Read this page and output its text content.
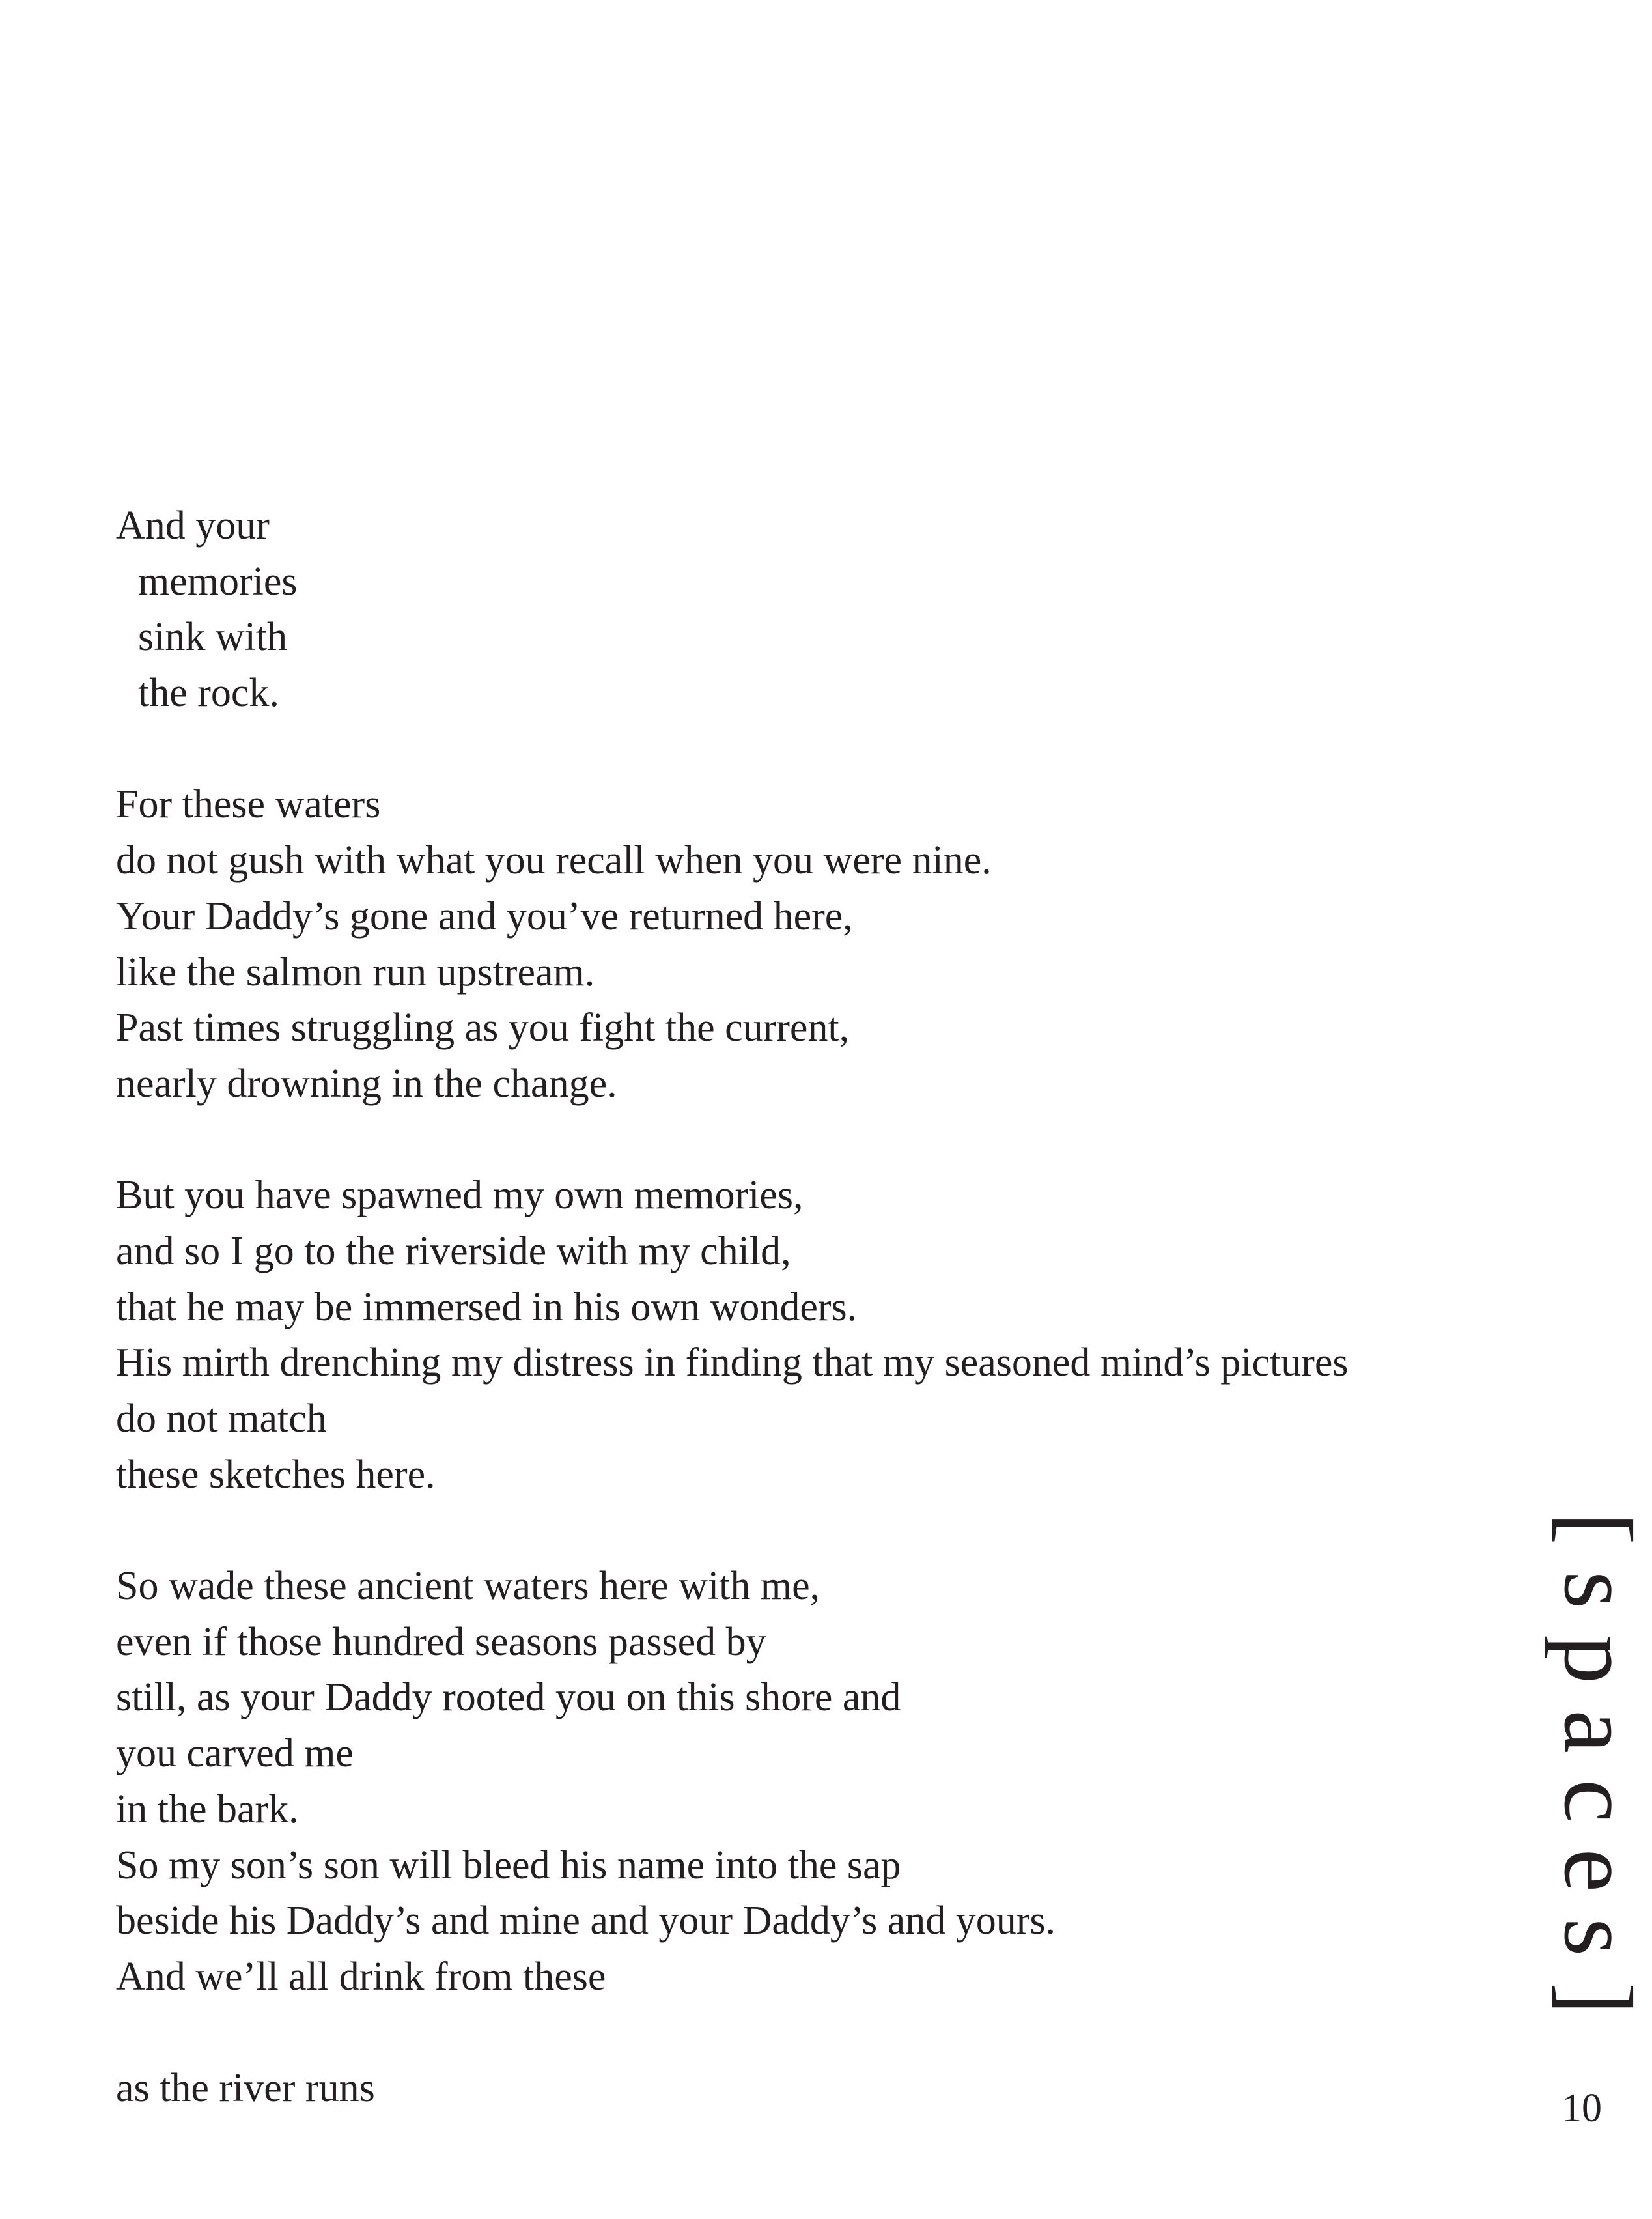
And your
memories
sink with
the rock.
For these waters
do not gush with what you recall when you were nine.
Your Daddy’s gone and you’ve returned here,
like the salmon run upstream.
Past times struggling as you fight the current,
nearly drowning in the change.
But you have spawned my own memories,
and so I go to the riverside with my child,
that he may be immersed in his own wonders.
His mirth drenching my distress in finding that my seasoned mind’s pictures
do not match
these sketches here.
So wade these ancient waters here with me,
even if those hundred seasons passed by
still, as your Daddy rooted you on this shore and
you carved me
in the bark.
So my son’s son will bleed his name into the sap
beside his Daddy’s and mine and your Daddy’s and yours.
And we’ll all drink from these
as the river runs
[spaces]
10
